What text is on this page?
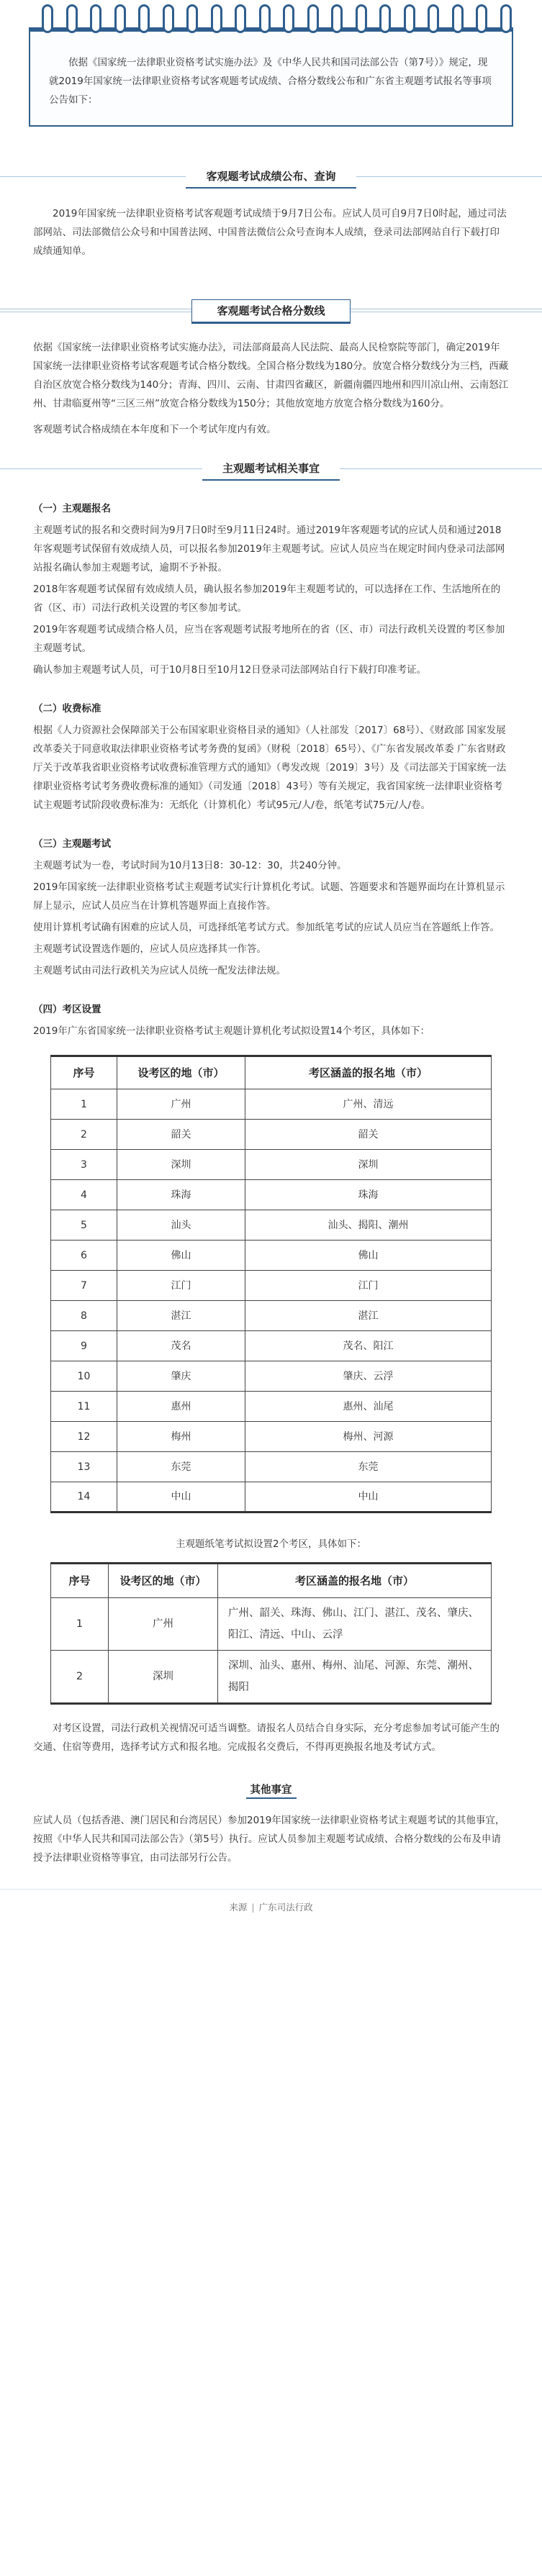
依据《国家统一法律职业资格考试实施办法》及《中华人民共和国司法部公告（第7号）》规定，现就2019年国家统一法律职业资格考试客观题考试成绩、合格分数线公布和广东省主观题考试报名等事项公告如下：

客观题考试成绩公布、查询

2019年国家统一法律职业资格考试客观题考试成绩于9月7日公布。应试人员可自9月7日0时起，通过司法部网站、司法部微信公众号和中国普法网、中国普法微信公众号查询本人成绩，登录司法部网站自行下载打印成绩通知单。

客观题考试合格分数线

依据《国家统一法律职业资格考试实施办法》，司法部商最高人民法院、最高人民检察院等部门，确定2019年国家统一法律职业资格考试客观题考试合格分数线。全国合格分数线为180分。放宽合格分数线分为三档，西藏自治区放宽合格分数线为140分；青海、四川、云南、甘肃四省藏区，新疆南疆四地州和四川凉山州、云南怒江州、甘肃临夏州等“三区三州”放宽合格分数线为150分；其他放宽地方放宽合格分数线为160分。

客观题考试合格成绩在本年度和下一个考试年度内有效。

主观题考试相关事宜

（一）主观题报名

主观题考试的报名和交费时间为9月7日0时至9月11日24时。通过2019年客观题考试的应试人员和通过2018年客观题考试保留有效成绩人员，可以报名参加2019年主观题考试。应试人员应当在规定时间内登录司法部网站报名确认参加主观题考试，逾期不予补报。

2018年客观题考试保留有效成绩人员，确认报名参加2019年主观题考试的，可以选择在工作、生活地所在的省（区、市）司法行政机关设置的考区参加考试。

2019年客观题考试成绩合格人员，应当在客观题考试报考地所在的省（区、市）司法行政机关设置的考区参加主观题考试。

确认参加主观题考试人员，可于10月8日至10月12日登录司法部网站自行下载打印准考证。

（二）收费标准

根据《人力资源社会保障部关于公布国家职业资格目录的通知》（人社部发〔2017〕68号）、《财政部 国家发展改革委关于同意收取法律职业资格考试考务费的复函》（财税〔2018〕65号）、《广东省发展改革委 广东省财政厅关于改革我省职业资格考试收费标准管理方式的通知》（粤发改规〔2019〕3号）及《司法部关于国家统一法律职业资格考试考务费收费标准的通知》（司发通〔2018〕43号）等有关规定，我省国家统一法律职业资格考试主观题考试阶段收费标准为：无纸化（计算机化）考试95元/人/卷，纸笔考试75元/人/卷。

（三）主观题考试

主观题考试为一卷，考试时间为10月13日8：30-12：30，共240分钟。

2019年国家统一法律职业资格考试主观题考试实行计算机化考试。试题、答题要求和答题界面均在计算机显示屏上显示，应试人员应当在计算机答题界面上直接作答。

使用计算机考试确有困难的应试人员，可选择纸笔考试方式。参加纸笔考试的应试人员应当在答题纸上作答。

主观题考试设置选作题的，应试人员应选择其一作答。

主观题考试由司法行政机关为应试人员统一配发法律法规。

（四）考区设置

2019年广东省国家统一法律职业资格考试主观题计算机化考试拟设置14个考区，具体如下：

序号	设考区的地（市）	考区涵盖的报名地（市）
1	广州	广州、清远
2	韶关	韶关
3	深圳	深圳
4	珠海	珠海
5	汕头	汕头、揭阳、潮州
6	佛山	佛山
7	江门	江门
8	湛江	湛江
9	茂名	茂名、阳江
10	肇庆	肇庆、云浮
11	惠州	惠州、汕尾
12	梅州	梅州、河源
13	东莞	东莞
14	中山	中山
主观题纸笔考试拟设置2个考区，具体如下：
序号	设考区的地（市）	考区涵盖的报名地（市）
1	广州	广州、韶关、珠海、佛山、江门、湛江、茂名、肇庆、阳江、清远、中山、云浮
2	深圳	深圳、汕头、惠州、梅州、汕尾、河源、东莞、潮州、揭阳

对考区设置，司法行政机关视情况可适当调整。请报名人员结合自身实际，充分考虑参加考试可能产生的交通、住宿等费用，选择考试方式和报名地。完成报名交费后，不得再更换报名地及考试方式。

其他事宜

应试人员（包括香港、澳门居民和台湾居民）参加2019年国家统一法律职业资格考试主观题考试的其他事宜，按照《中华人民共和国司法部公告》（第5号）执行。应试人员参加主观题考试成绩、合格分数线的公布及申请授予法律职业资格等事宜，由司法部另行公告。

来源 | 广东司法行政
